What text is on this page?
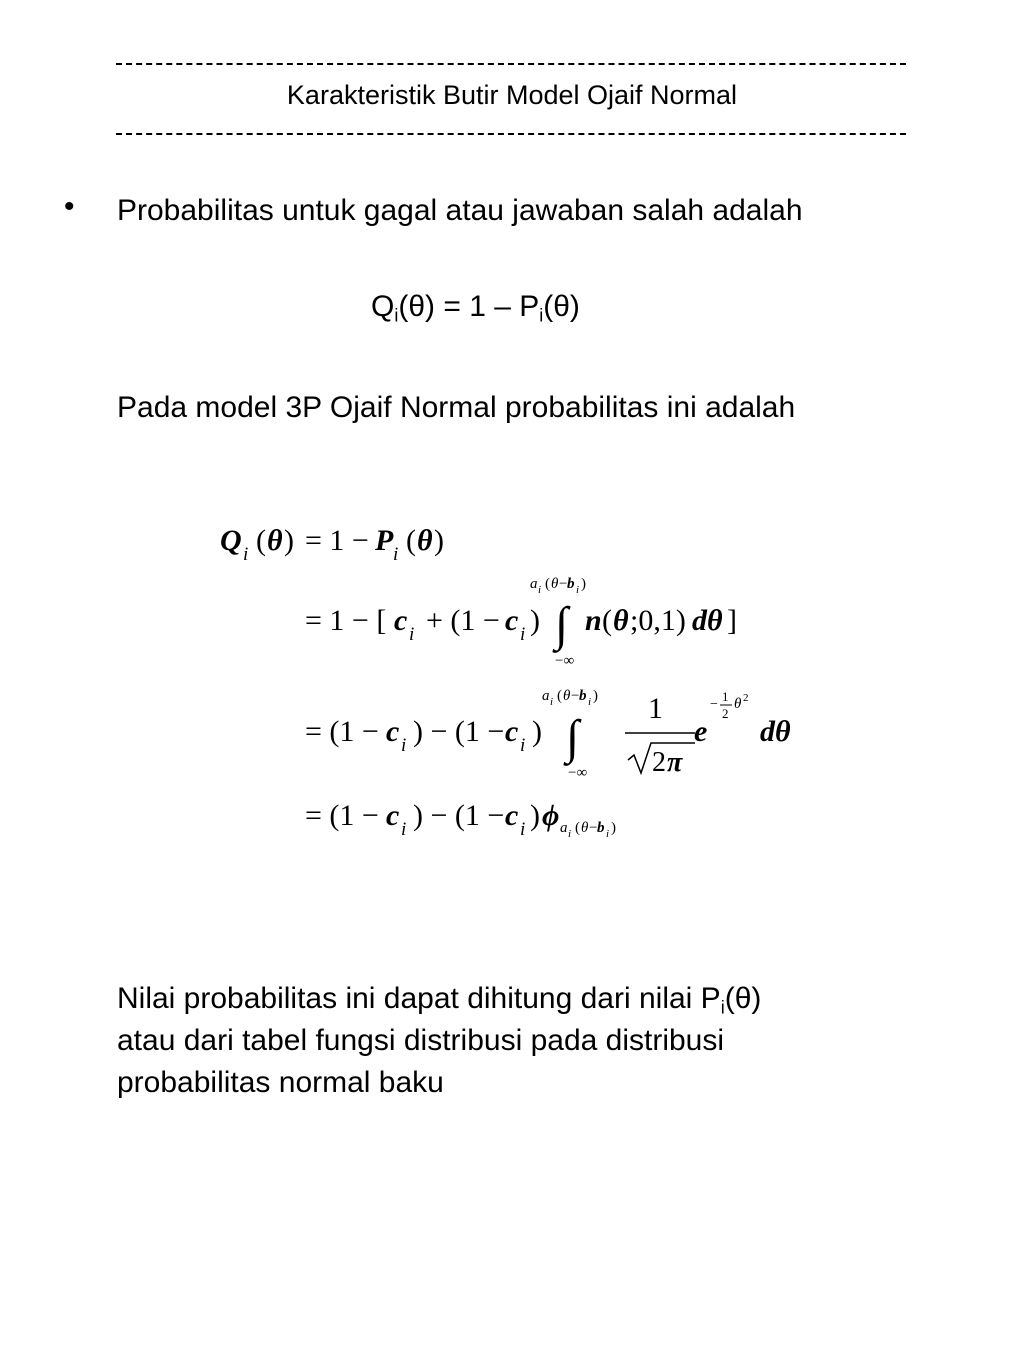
Karakteristik Butir Model Ojaif Normal
• Probabilitas untuk gagal atau jawaban salah adalah
$Q_i(\theta) = 1 - P_i(\theta)$
Pada model 3P Ojaif Normal probabilitas ini adalah
Q i ( θ ) = 1 − P i ( θ )
a i ( θ − b i )
= 1 − [ c i + (1 − c i ) ∫ n ( θ ;0,1) dθ ]
−∞
a i ( θ − b i )
= (1 − c i ) − (1 − c i ) ∫
1
2 π
e
−
1
2
θ 2
dθ
−∞
= (1 − c i ) − (1 − c i ) ϕ a i ( θ − b i )
Nilai probabilitas ini dapat dihitung dari nilai $P_i(\theta)$
atau dari tabel fungsi distribusi pada distribusi
probabilitas normal baku
